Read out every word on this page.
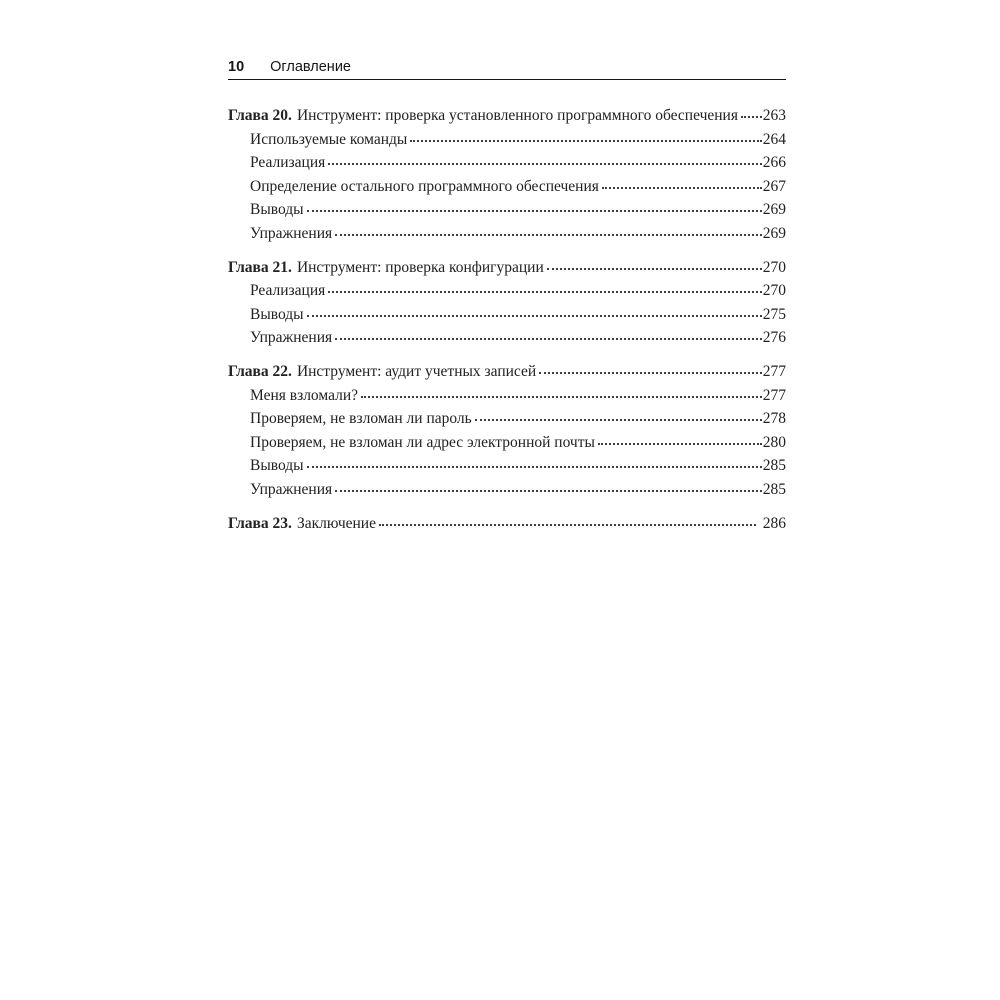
10 Оглавление
Глава 20. Инструмент: проверка установленного программного обеспечения 263
Используемые команды	264
Реализация	266
Определение остального программного обеспечения	267
Выводы	269
Упражнения	269
Глава 21. Инструмент: проверка конфигурации	270
Реализация	270
Выводы	275
Упражнения	276
Глава 22. Инструмент: аудит учетных записей	277
Меня взломали?	277
Проверяем, не взломан ли пароль	278
Проверяем, не взломан ли адрес электронной почты	280
Выводы	285
Упражнения	285
Глава 23. Заключение	286
